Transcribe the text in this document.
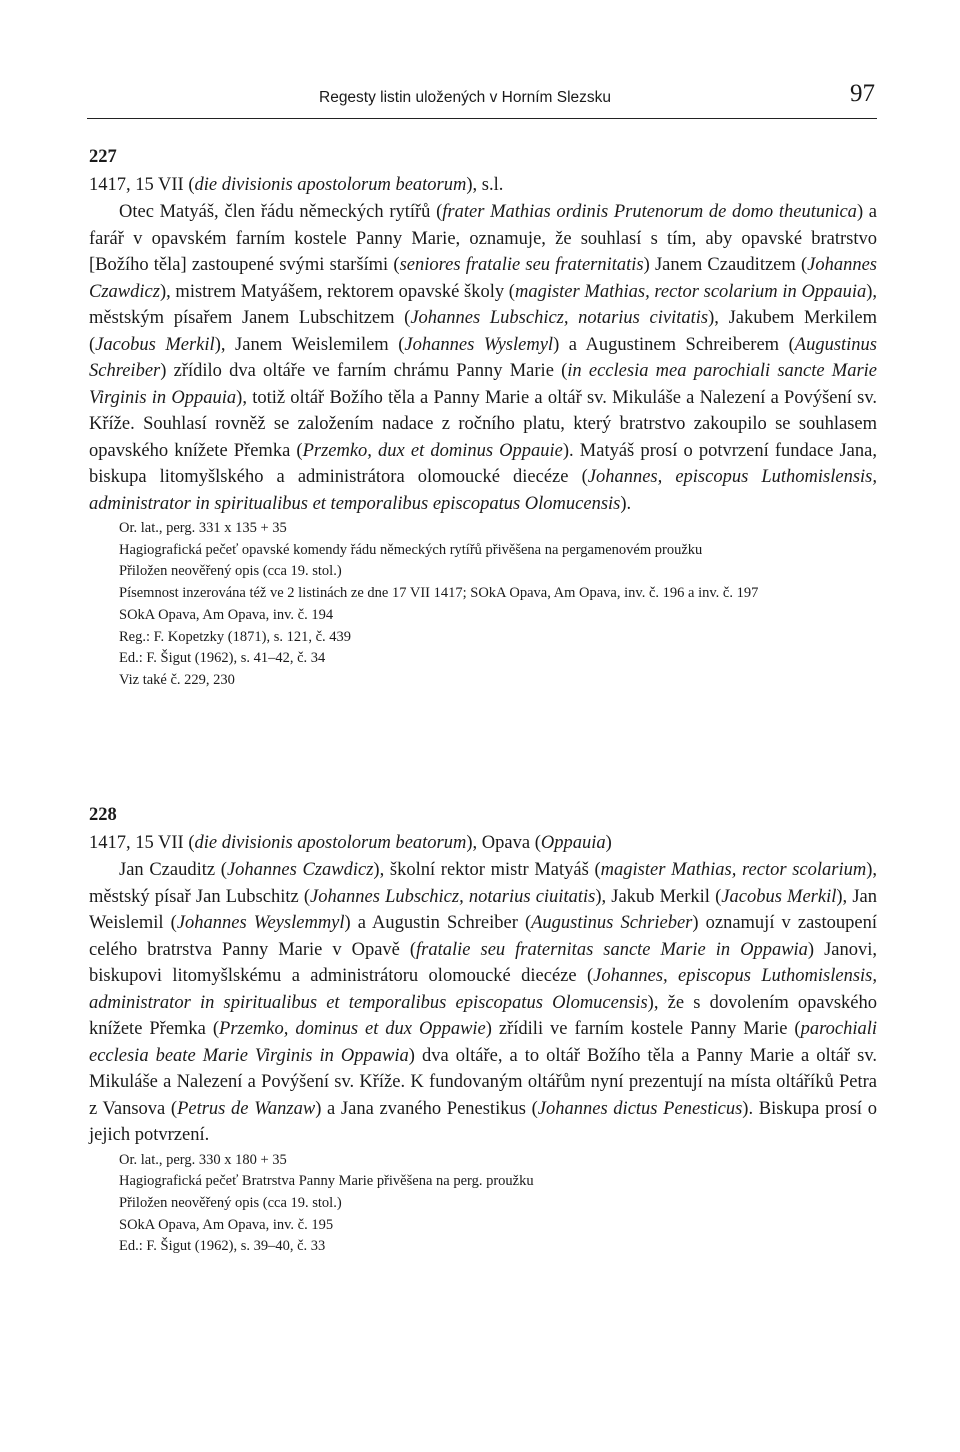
Regesty listin uložených v Horním Slezsku	97

227

1417, 15 VII (die divisionis apostolorum beatorum), s.l.

Otec Matyáš, člen řádu německých rytířů (frater Mathias ordinis Prutenorum de domo theutunica) a farář v opavském farním kostele Panny Marie, oznamuje, že souhlasí s tím, aby opavské bratrstvo [Božího těla] zastoupené svými staršími (seniores fratalie seu fraternitatis) Janem Czauditzem (Johannes Czawdicz), mistrem Matyášem, rektorem opavské školy (magister Mathias, rector scolarium in Oppauia), městským písařem Janem Lubschitzem (Johannes Lubschicz, notarius civitatis), Jakubem Merkilem (Jacobus Merkil), Janem Weislemilem (Johannes Wyslemyl) a Augustinem Schreiberem (Augustinus Schreiber) zřídilo dva oltáře ve farním chrámu Panny Marie (in ecclesia mea parochiali sancte Marie Virginis in Oppauia), totiž oltář Božího těla a Panny Marie a oltář sv. Mikuláše a Nalezení a Povýšení sv. Kříže. Souhlasí rovněž se založením nadace z ročního platu, který bratrstvo zakoupilo se souhlasem opavského knížete Přemka (Przemko, dux et dominus Oppauie). Matyáš prosí o potvrzení fundace Jana, biskupa litomyšlského a administrátora olomoucké diecéze (Johannes, episcopus Luthomislensis, administrator in spiritualibus et temporalibus episcopatus Olomucensis).

Or. lat., perg. 331 x 135 + 35

Hagiografická pečeť opavské komendy řádu německých rytířů přivěšena na pergamenovém proužku

Přiložen neověřený opis (cca 19. stol.)

Písemnost inzerována též ve 2 listinách ze dne 17 VII 1417; SOkA Opava, Am Opava, inv. č. 196 a inv. č. 197

SOkA Opava, Am Opava, inv. č. 194

Reg.: F. Kopetzky (1871), s. 121, č. 439

Ed.: F. Šigut (1962), s. 41–42, č. 34

Viz také č. 229, 230

228

1417, 15 VII (die divisionis apostolorum beatorum), Opava (Oppauia)

Jan Czauditz (Johannes Czawdicz), školní rektor mistr Matyáš (magister Mathias, rector scolarium), městský písař Jan Lubschitz (Johannes Lubschicz, notarius ciuitatis), Jakub Merkil (Jacobus Merkil), Jan Weislemil (Johannes Weyslemmyl) a Augustin Schreiber (Augustinus Schrieber) oznamují v zastoupení celého bratrstva Panny Marie v Opavě (fratalie seu fraternitas sancte Marie in Oppawia) Janovi, biskupovi litomyšlskému a administrátoru olomoucké diecéze (Johannes, episcopus Luthomislensis, administrator in spiritualibus et temporalibus episcopatus Olomucensis), že s dovolením opavského knížete Přemka (Przemko, dominus et dux Oppawie) zřídili ve farním kostele Panny Marie (parochiali ecclesia beate Marie Virginis in Oppawia) dva oltáře, a to oltář Božího těla a Panny Marie a oltář sv. Mikuláše a Nalezení a Povýšení sv. Kříže. K fundovaným oltářům nyní prezentují na místa oltáříků Petra z Vansova (Petrus de Wanzaw) a Jana zvaného Penestikus (Johannes dictus Penesticus). Biskupa prosí o jejich potvrzení.

Or. lat., perg. 330 x 180 + 35

Hagiografická pečeť Bratrstva Panny Marie přivěšena na perg. proužku

Přiložen neověřený opis (cca 19. stol.)

SOkA Opava, Am Opava, inv. č. 195

Ed.: F. Šigut (1962), s. 39–40, č. 33
